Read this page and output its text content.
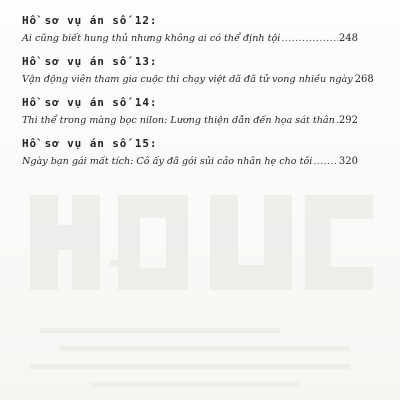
Hồ sơ vụ án số 12:
Ai cũng biết hung thủ nhưng không ai có thể định tội .....	248
Hồ sơ vụ án số 13:
Vận động viên tham gia cuộc thi chạy việt dã đã tử vong nhiều ngày 268
Hồ sơ vụ án số 14:
Thi thể trong màng bọc nilon: Lương thiện dẫn đến họa sát thân ..... 292
Hồ sơ vụ án số 15:
Ngày bạn gái mất tích: Cô ấy đã gói sủi cảo nhân hẹ cho tôi .....	320
